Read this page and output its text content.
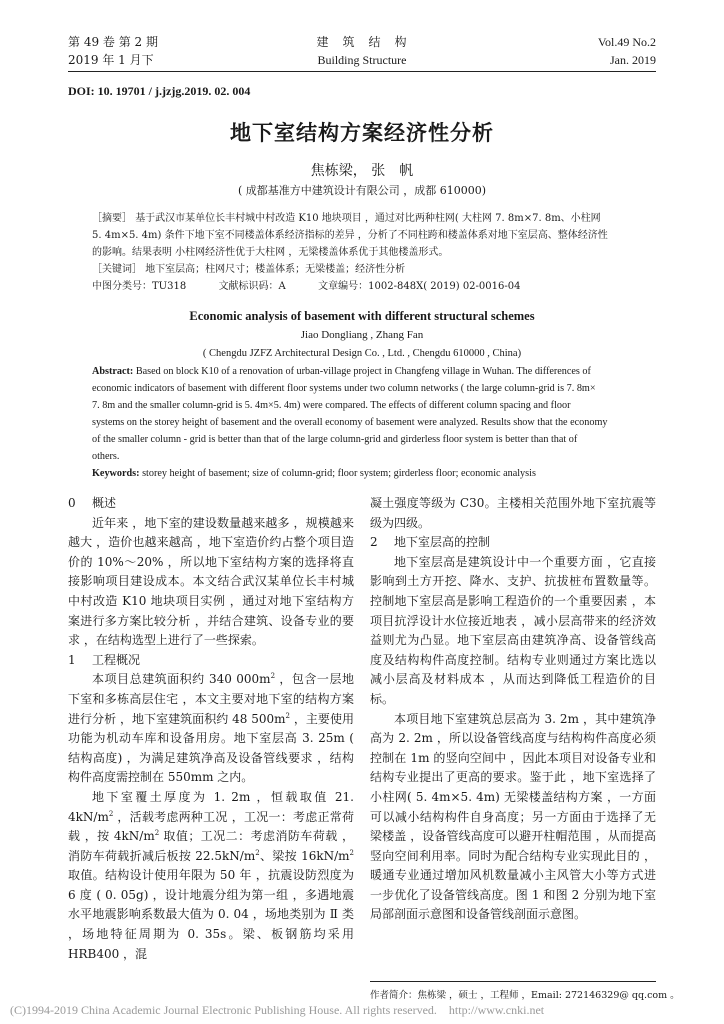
第 49 卷 第 2 期
2019 年 1 月下
建　筑　结　构
Building Structure
Vol.49 No.2
Jan. 2019
DOI: 10. 19701 / j.jzjg.2019. 02. 004
地下室结构方案经济性分析
焦栋梁， 张　帆
( 成都基准方中建筑设计有限公司 ，成都 610000)
［摘要］ 基于武汉市某单位长丰村城中村改造 K10 地块项目 ，通过对比两种柱网( 大柱网 7. 8m×7. 8m、小柱网
5. 4m×5. 4m) 条件下地下室不同楼盖体系经济指标的差异 ，分析了不同柱跨和楼盖体系对地下室层高、整体经济性
的影响。结果表明 小柱网经济性优于大柱网 ，无梁楼盖体系优于其他楼盖形式。
［关键词］ 地下室层高；柱网尺寸；楼盖体系；无梁楼盖；经济性分析
中图分类号：TU318	文献标识码：A	文章编号：1002-848X( 2019) 02-0016-04
Economic analysis of basement with different structural schemes
Jiao Dongliang , Zhang Fan
( Chengdu JZFZ Architectural Design Co. , Ltd. , Chengdu 610000 , China)
Abstract: Based on block K10 of a renovation of urban-village project in Changfeng village in Wuhan. The differences of
economic indicators of basement with different floor systems under two column networks ( the large column-grid is 7. 8m×
7. 8m and the smaller column-grid is 5. 4m×5. 4m) were compared. The effects of different column spacing and floor
systems on the storey height of basement and the overall economy of basement were analyzed. Results show that the economy
of the smaller column - grid is better than that of the large column-grid and girderless floor system is better than that of
others.
Keywords: storey height of basement; size of column-grid; floor system; girderless floor; economic analysis
0 概述

近年来 ，地下室的建设数量越来越多 ，规模越来越大 ，造价也越来越高 ，地下室造价约占整个项目造价的 10%～20% ，所以地下室结构方案的选择将直接影响项目建设成本。本文结合武汉某单位长丰村城中村改造 K10 地块项目实例 ，通过对地下室结构方案进行多方案比较分析 ，并结合建筑、设备专业的要求 ，在结构选型上进行了一些探索。

1 工程概况

本项目总建筑面积约 340 $000m^2$ ，包含一层地下室和多栋高层住宅 ，本文主要对地下室的结构方案进行分析 ，地下室建筑面积约 48 $500m^2$ ，主要使用功能为机动车库和设备用房。地下室层高 3. 25m ( 结构高度) ，为满足建筑净高及设备管线要求 ，结构构件高度需控制在 550mm 之内。

地下室覆土厚度为 1. 2m ，恒载取值 21. $4kN/m^2$ ，活载考虑两种工况 ，工况一：考虑正常荷载 ，按 $4kN/m^2$ 取值；工况二：考虑消防车荷载 ，消防车荷载折减后板按 $22.5kN/m^2$、梁按 $16kN/m^2$ 取值。结构设计使用年限为 50 年 ，抗震设防烈度为 6 度 ( 0. 05g) ，设计地震分组为第一组 ，多遇地震水平地震影响系数最大值为 0. 04 ，场地类别为 Ⅱ 类 ，场地特征周期为 0. 35s。梁、板钢筋均采用 HRB400 ，混

凝土强度等级为 C30。主楼相关范围外地下室抗震等级为四级。

2 地下室层高的控制

地下室层高是建筑设计中一个重要方面 ，它直接影响到土方开挖、降水、支护、抗拔桩布置数量等。控制地下室层高是影响工程造价的一个重要因素 ，本项目抗浮设计水位接近地表 ，减小层高带来的经济效益则尤为凸显。地下室层高由建筑净高、设备管线高度及结构构件高度控制。结构专业则通过方案比选以减小层高及材料成本 ，从而达到降低工程造价的目标。

本项目地下室建筑总层高为 3. 2m ，其中建筑净高为 2. 2m ，所以设备管线高度与结构构件高度必须控制在 1m 的竖向空间中 ，因此本项目对设备专业和结构专业提出了更高的要求。鉴于此 ，地下室选择了小柱网( 5. 4m×5. 4m) 无梁楼盖结构方案 ，一方面可以减小结构构件自身高度；另一方面由于选择了无梁楼盖 ，设备管线高度可以避开柱帽范围 ，从而提高竖向空间利用率。同时为配合结构专业实现此目的 ，暖通专业通过增加风机数量减小主风管大小等方式进一步优化了设备管线高度。图 1 和图 2 分别为地下室局部剖面示意图和设备管线剖面示意图。

作者简介：焦栋梁 ，硕士 ，工程师 ，Email: 272146329@ qq.com 。
(C)1994-2019 China Academic Journal Electronic Publishing House. All rights reserved. http://www.cnki.net
